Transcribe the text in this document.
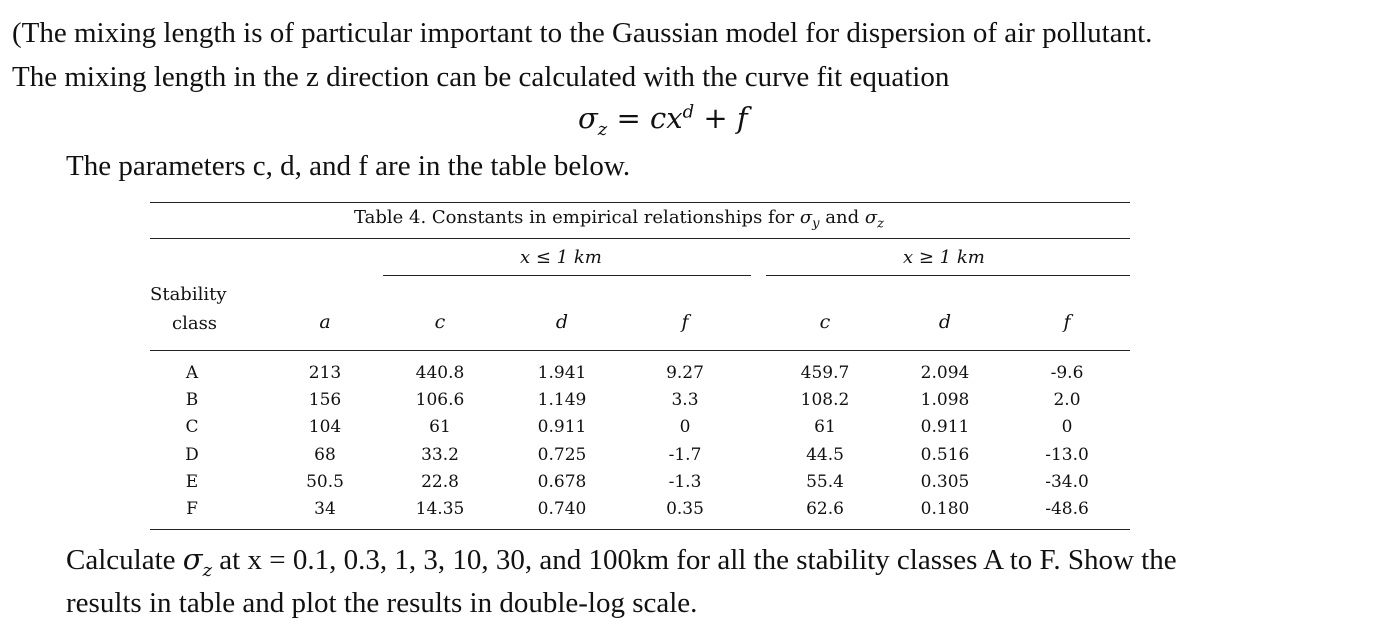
(The mixing length is of particular important to the Gaussian model for dispersion of air pollutant.
The mixing length in the z direction can be calculated with the curve fit equation
$\sigma_z = cx^d + f$
The parameters c, d, and f are in the table below.
Table 4. Constants in empirical relationships for $\sigma_y$ and $\sigma_z$
x ≤ 1 km	x ≥ 1 km
Stability
class	a	c	d	f	c	d	f
A	213	440.8	1.941	9.27	459.7	2.094	-9.6
B	156	106.6	1.149	3.3	108.2	1.098	2.0
C	104	61	0.911	0	61	0.911	0
D	68	33.2	0.725	-1.7	44.5	0.516	-13.0
E	50.5	22.8	0.678	-1.3	55.4	0.305	-34.0
F	34	14.35	0.740	0.35	62.6	0.180	-48.6
Calculate $\sigma_z$ at x = 0.1, 0.3, 1, 3, 10, 30, and 100km for all the stability classes A to F. Show the
results in table and plot the results in double-log scale.
